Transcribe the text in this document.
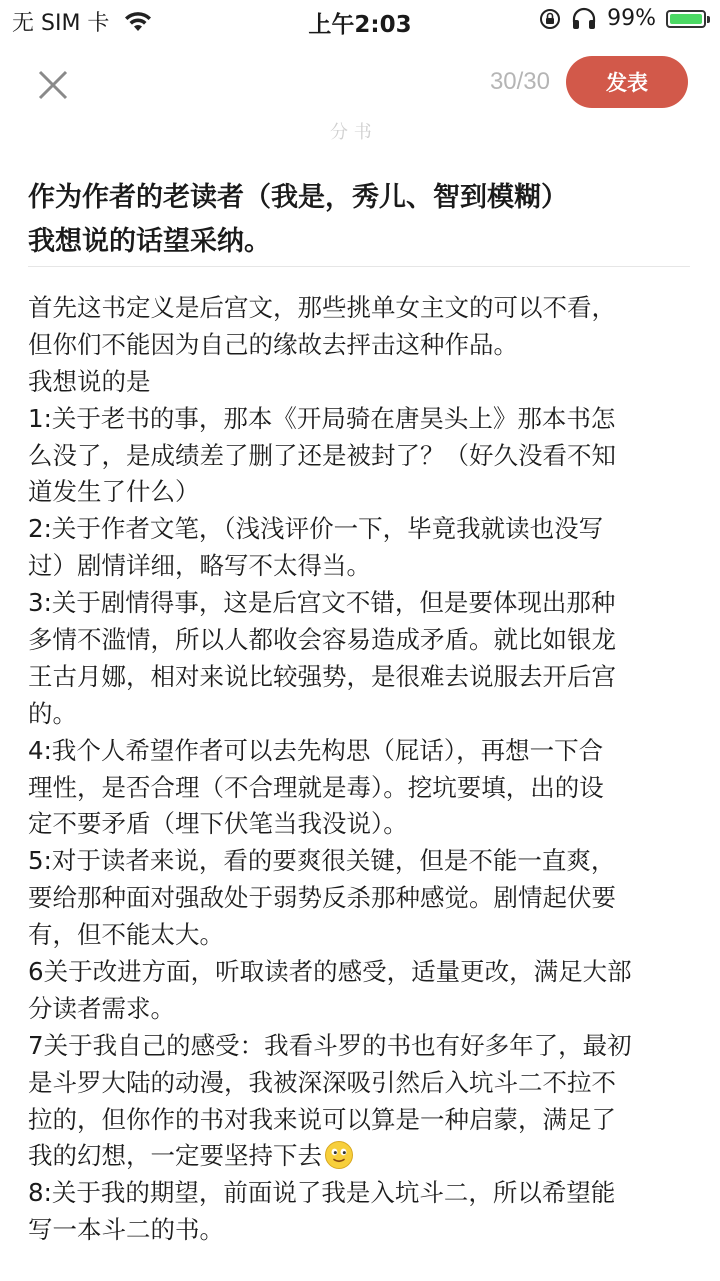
无 SIM 卡	上午2:03	99%
30/30	发表
分 书
作为作者的老读者（我是，秀儿、智到模糊）
我想说的话望采纳。
首先这书定义是后宫文，那些挑单女主文的可以不看，
但你们不能因为自己的缘故去抨击这种作品。
我想说的是
1:关于老书的事，那本《开局骑在唐昊头上》那本书怎
么没了，是成绩差了删了还是被封了？（好久没看不知
道发生了什么）
2:关于作者文笔，（浅浅评价一下，毕竟我就读也没写
过）剧情详细，略写不太得当。
3:关于剧情得事，这是后宫文不错，但是要体现出那种
多情不滥情，所以人都收会容易造成矛盾。就比如银龙
王古月娜，相对来说比较强势，是很难去说服去开后宫
的。
4:我个人希望作者可以去先构思（屁话），再想一下合
理性，是否合理（不合理就是毒）。挖坑要填，出的设
定不要矛盾（埋下伏笔当我没说）。
5:对于读者来说，看的要爽很关键，但是不能一直爽，
要给那种面对强敌处于弱势反杀那种感觉。剧情起伏要
有，但不能太大。
6关于改进方面，听取读者的感受，适量更改，满足大部
分读者需求。
7关于我自己的感受：我看斗罗的书也有好多年了，最初
是斗罗大陆的动漫，我被深深吸引然后入坑斗二不拉不
拉的，但你作的书对我来说可以算是一种启蒙，满足了
我的幻想，一定要坚持下去
8:关于我的期望，前面说了我是入坑斗二，所以希望能
写一本斗二的书。
